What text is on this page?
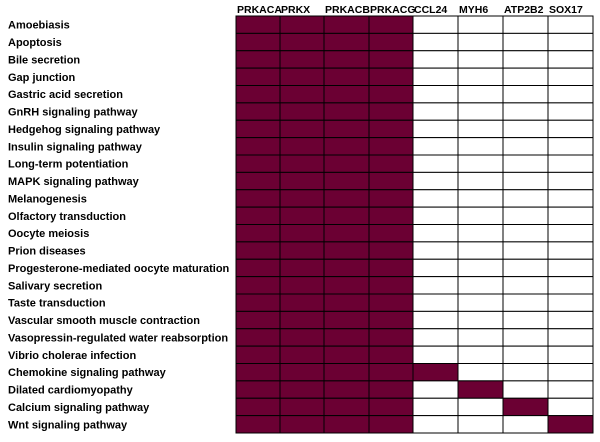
PRKACA PRKX PRKACB PRKACG
CCL24 MYH6 ATP2B2 SOX17
Amoebiasis
Apoptosis
Bile secretion
Gap junction
Gastric acid secretion
GnRH signaling pathway
Hedgehog signaling pathway
Insulin signaling pathway
Long-term potentiation
MAPK signaling pathway
Melanogenesis
Olfactory transduction
Oocyte meiosis
Prion diseases
Progesterone-mediated oocyte maturation
Salivary secretion
Taste transduction
Vascular smooth muscle contraction
Vasopressin-regulated water reabsorption
Vibrio cholerae infection
Chemokine signaling pathway
Dilated cardiomyopathy
Calcium signaling pathway
Wnt signaling pathway
